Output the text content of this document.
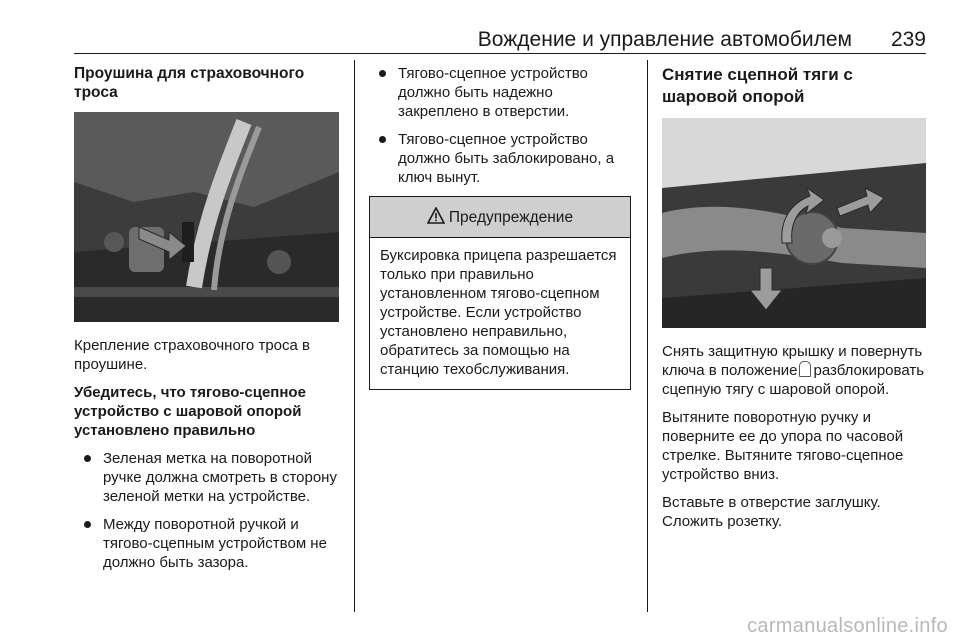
Вождение и управление автомобилем 239
Проушина для страховочного троса
Крепление страховочного троса в проушине.
Убедитесь, что тягово-сцепное устройство с шаровой опорой установлено правильно
Зеленая метка на поворотной ручке должна смотреть в сторону зеленой метки на устройстве.
Между поворотной ручкой и тягово-сцепным устройством не должно быть зазора.
Тягово-сцепное устройство должно быть надежно закреплено в отверстии.
Тягово-сцепное устройство должно быть заблокировано, а ключ вынут.
Предупреждение
Буксировка прицепа разрешается только при правильно установленном тягово-сцепном устройстве. Если устройство установлено неправильно, обратитесь за помощью на станцию техобслуживания.
Снятие сцепной тяги с шаровой опорой
Снять защитную крышку и повернуть ключа в положение разблокировать сцепную тягу с шаровой опорой.
Вытяните поворотную ручку и поверните ее до упора по часовой стрелке. Вытяните тягово-сцепное устройство вниз.
Вставьте в отверстие заглушку. Сложить розетку.
carmanualsonline.info
